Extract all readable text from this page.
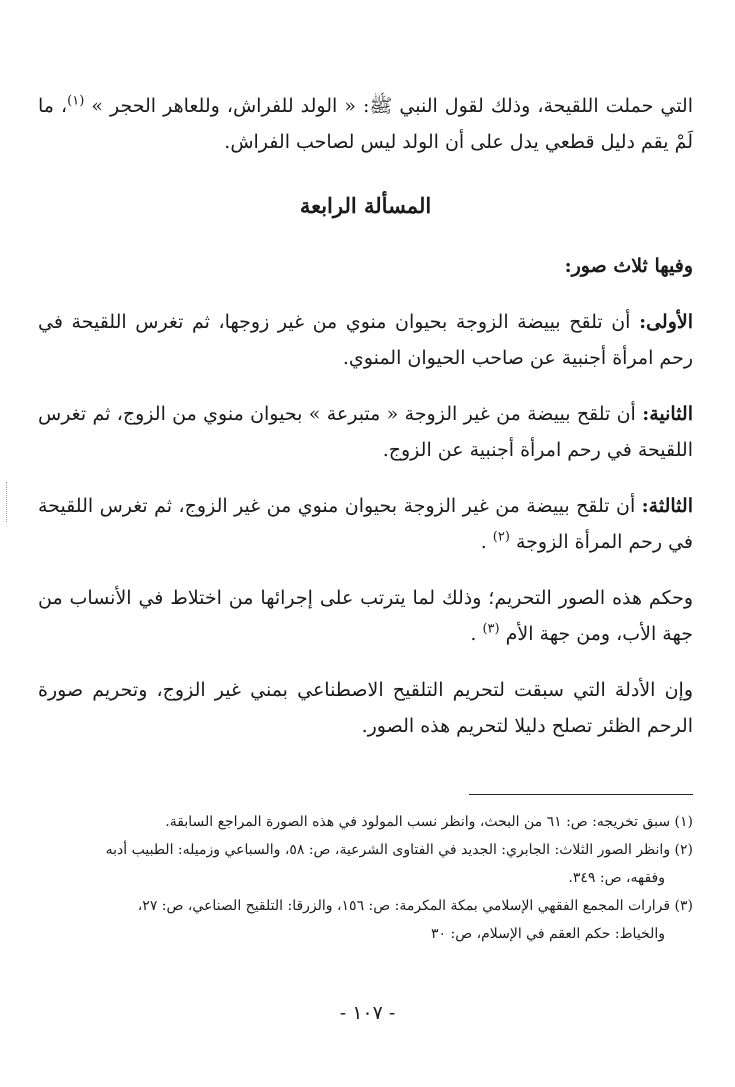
التي حملت اللقيحة، وذلك لقول النبي ﷺ: « الولد للفراش، وللعاهر الحجر » $^{(١)}$، ما لَمْ يقم دليل قطعي يدل على أن الولد ليس لصاحب الفراش.

المسألة الرابعة

وفيها ثلاث صور:

الأولى: أن تلقح بييضة الزوجة بحيوان منوي من غير زوجها، ثم تغرس اللقيحة في رحم امرأة أجنبية عن صاحب الحيوان المنوي.

الثانية: أن تلقح بييضة من غير الزوجة « متبرعة » بحيوان منوي من الزوج، ثم تغرس اللقيحة في رحم امرأة أجنبية عن الزوج.

الثالثة: أن تلقح بييضة من غير الزوجة بحيوان منوي من غير الزوج، ثم تغرس اللقيحة في رحم المرأة الزوجة $^{(٢)}$ .

وحكم هذه الصور التحريم؛ وذلك لما يترتب على إجرائها من اختلاط في الأنساب من جهة الأب، ومن جهة الأم $^{(٣)}$ .

وإن الأدلة التي سبقت لتحريم التلقيح الاصطناعي بمني غير الزوج، وتحريم صورة الرحم الظئر تصلح دليلا لتحريم هذه الصور.

(١) سبق تخريجه: ص: ٦١ من البحث، وانظر نسب المولود في هذه الصورة المراجع السابقة.

(٢) وانظر الصور الثلاث: الجابري: الجديد في الفتاوى الشرعية، ص: ٥٨، والسباعي وزميله: الطبيب أدبه

وفقهه، ص: ٣٤٩.

(٣) قرارات المجمع الفقهي الإسلامي بمكة المكرمة: ص: ١٥٦، والزرقا: التلقيح الصناعي، ص: ٢٧،

والخياط: حكم العقم في الإسلام، ص: ٣٠

- ١٠٧ -
